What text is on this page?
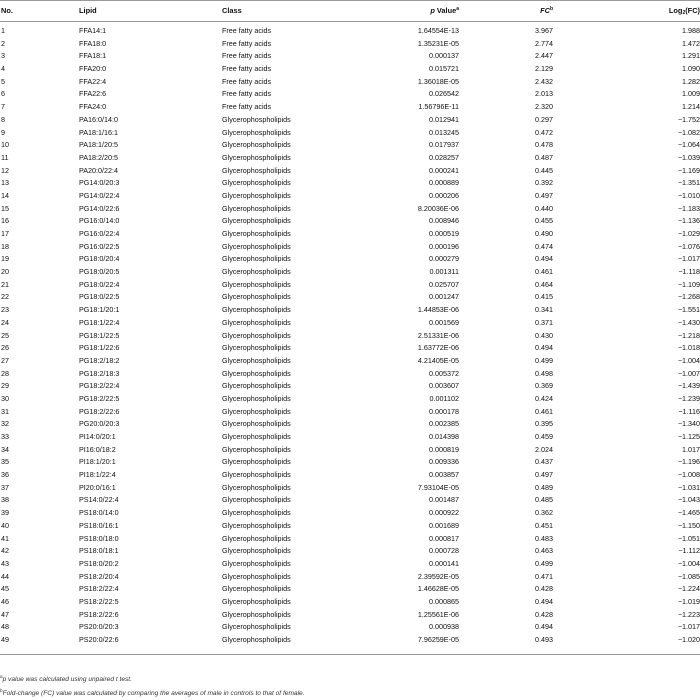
No.	Lipid	Class	p Value$^a$	$FC^b$	Log$_2$(FC)

1	FFA14:1	Free fatty acids	1.64554E-13	3.967	1.988
2	FFA18:0	Free fatty acids	1.35231E-05	2.774	1.472
3	FFA18:1	Free fatty acids	0.000137	2.447	1.291
4	FFA20:0	Free fatty acids	0.015721	2.129	1.090
5	FFA22:4	Free fatty acids	1.36018E-05	2.432	1.282
6	FFA22:6	Free fatty acids	0.026542	2.013	1.009
7	FFA24:0	Free fatty acids	1.56796E-11	2.320	1.214
8	PA16:0/14:0	Glycerophospholipids	0.012941	0.297	−1.752
9	PA18:1/16:1	Glycerophospholipids	0.013245	0.472	−1.082
10	PA18:1/20:5	Glycerophospholipids	0.017937	0.478	−1.064
11	PA18:2/20:5	Glycerophospholipids	0.028257	0.487	−1.039
12	PA20:0/22:4	Glycerophospholipids	0.000241	0.445	−1.169
13	PG14:0/20:3	Glycerophospholipids	0.000889	0.392	−1.351
14	PG14:0/22:4	Glycerophospholipids	0.000206	0.497	−1.010
15	PG14:0/22:6	Glycerophospholipids	8.20036E-06	0.440	−1.183
16	PG16:0/14:0	Glycerophospholipids	0.008946	0.455	−1.136
17	PG16:0/22:4	Glycerophospholipids	0.000519	0.490	−1.029
18	PG16:0/22:5	Glycerophospholipids	0.000196	0.474	−1.076
19	PG18:0/20:4	Glycerophospholipids	0.000279	0.494	−1.017
20	PG18:0/20:5	Glycerophospholipids	0.001311	0.461	−1.118
21	PG18:0/22:4	Glycerophospholipids	0.025707	0.464	−1.109
22	PG18:0/22:5	Glycerophospholipids	0.001247	0.415	−1.268
23	PG18:1/20:1	Glycerophospholipids	1.44853E-06	0.341	−1.551
24	PG18:1/22:4	Glycerophospholipids	0.001569	0.371	−1.430
25	PG18:1/22:5	Glycerophospholipids	2.51331E-06	0.430	−1.218
26	PG18:1/22:6	Glycerophospholipids	1.63772E-06	0.494	−1.018
27	PG18:2/18:2	Glycerophospholipids	4.21405E-05	0.499	−1.004
28	PG18:2/18:3	Glycerophospholipids	0.005372	0.498	−1.007
29	PG18:2/22:4	Glycerophospholipids	0.003607	0.369	−1.439
30	PG18:2/22:5	Glycerophospholipids	0.001102	0.424	−1.239
31	PG18:2/22:6	Glycerophospholipids	0.000178	0.461	−1.116
32	PG20:0/20:3	Glycerophospholipids	0.002385	0.395	−1.340
33	PI14:0/20:1	Glycerophospholipids	0.014398	0.459	−1.125
34	PI16:0/18:2	Glycerophospholipids	0.000819	2.024	1.017
35	PI18:1/20:1	Glycerophospholipids	0.009336	0.437	−1.196
36	PI18:1/22:4	Glycerophospholipids	0.003857	0.497	−1.008
37	PI20:0/16:1	Glycerophospholipids	7.93104E-05	0.489	−1.031
38	PS14:0/22:4	Glycerophospholipids	0.001487	0.485	−1.043
39	PS18:0/14:0	Glycerophospholipids	0.000922	0.362	−1.465
40	PS18:0/16:1	Glycerophospholipids	0.001689	0.451	−1.150
41	PS18:0/18:0	Glycerophospholipids	0.000817	0.483	−1.051
42	PS18:0/18:1	Glycerophospholipids	0.000728	0.463	−1.112
43	PS18:0/20:2	Glycerophospholipids	0.000141	0.499	−1.004
44	PS18:2/20:4	Glycerophospholipids	2.39592E-05	0.471	−1.085
45	PS18:2/22:4	Glycerophospholipids	1.46628E-05	0.428	−1.224
46	PS18:2/22:5	Glycerophospholipids	0.000865	0.494	−1.019
47	PS18:2/22:6	Glycerophospholipids	1.25561E-06	0.428	−1.223
48	PS20:0/20:3	Glycerophospholipids	0.000938	0.494	−1.017
49	PS20:0/22:6	Glycerophospholipids	7.96259E-05	0.493	−1.020
$^a$p value was calculated using unpaired t test.
$^b$Fold-change (FC) value was calculated by comparing the averages of male in controls to that of female.
